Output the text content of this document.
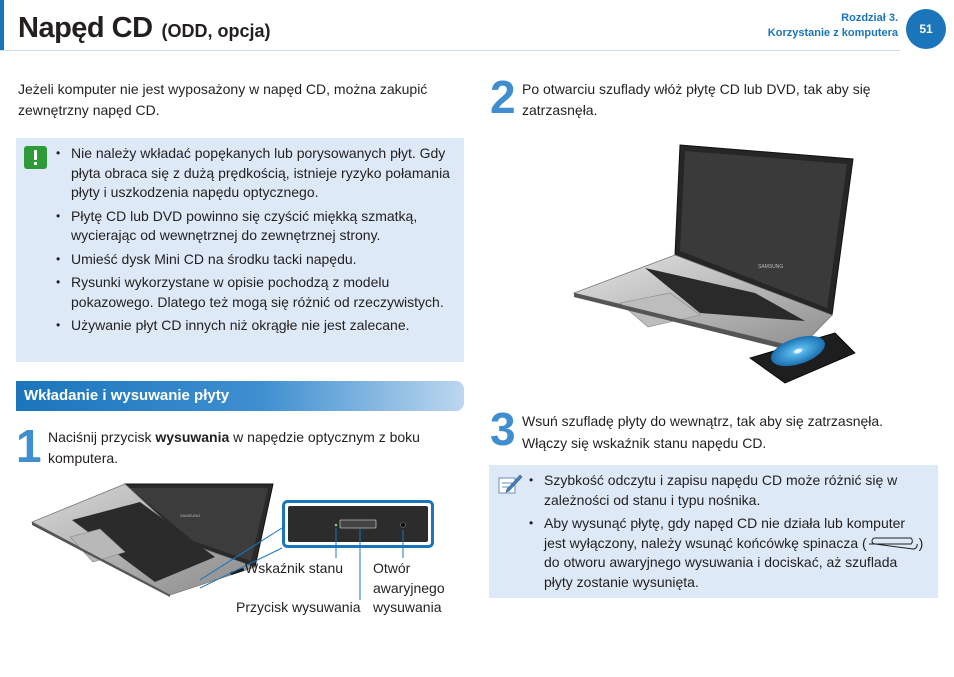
Napęd CD (ODD, opcja)
Rozdział 3.
Korzystanie z komputera	51

Jeżeli komputer nie jest wyposażony w napęd CD, można zakupić zewnętrzny napęd CD.

• Nie należy wkładać popękanych lub porysowanych płyt. Gdy płyta obraca się z dużą prędkością, istnieje ryzyko połamania płyty i uszkodzenia napędu optycznego.
• Płytę CD lub DVD powinno się czyścić miękką szmatką, wycierając od wewnętrznej do zewnętrznej strony.
• Umieść dysk Mini CD na środku tacki napędu.
• Rysunki wykorzystane w opisie pochodzą z modelu pokazowego. Dlatego też mogą się różnić od rzeczywistych.
• Używanie płyt CD innych niż okrągłe nie jest zalecane.
Wkładanie i wysuwanie płyty
1 Naciśnij przycisk wysuwania w napędzie optycznym z boku komputera.

SAMSUNG
Wskaźnik stanu Otwór
awaryjnego
wysuwania
Przycisk wysuwania
2 Po otwarciu szuflady włóż płytę CD lub DVD, tak aby się zatrzasnęła.

SAMSUNG
3 Wsuń szufladę płyty do wewnątrz, tak aby się zatrzasnęła.
Włączy się wskaźnik stanu napędu CD.
• Szybkość odczytu i zapisu napędu CD może różnić się w zależności od stanu i typu nośnika.
• Aby wysunąć płytę, gdy napęd CD nie działa lub komputer jest wyłączony, należy wsunąć końcówkę spinacza (	) do otworu awaryjnego wysuwania i dociskać, aż szuflada płyty zostanie wysunięta.
